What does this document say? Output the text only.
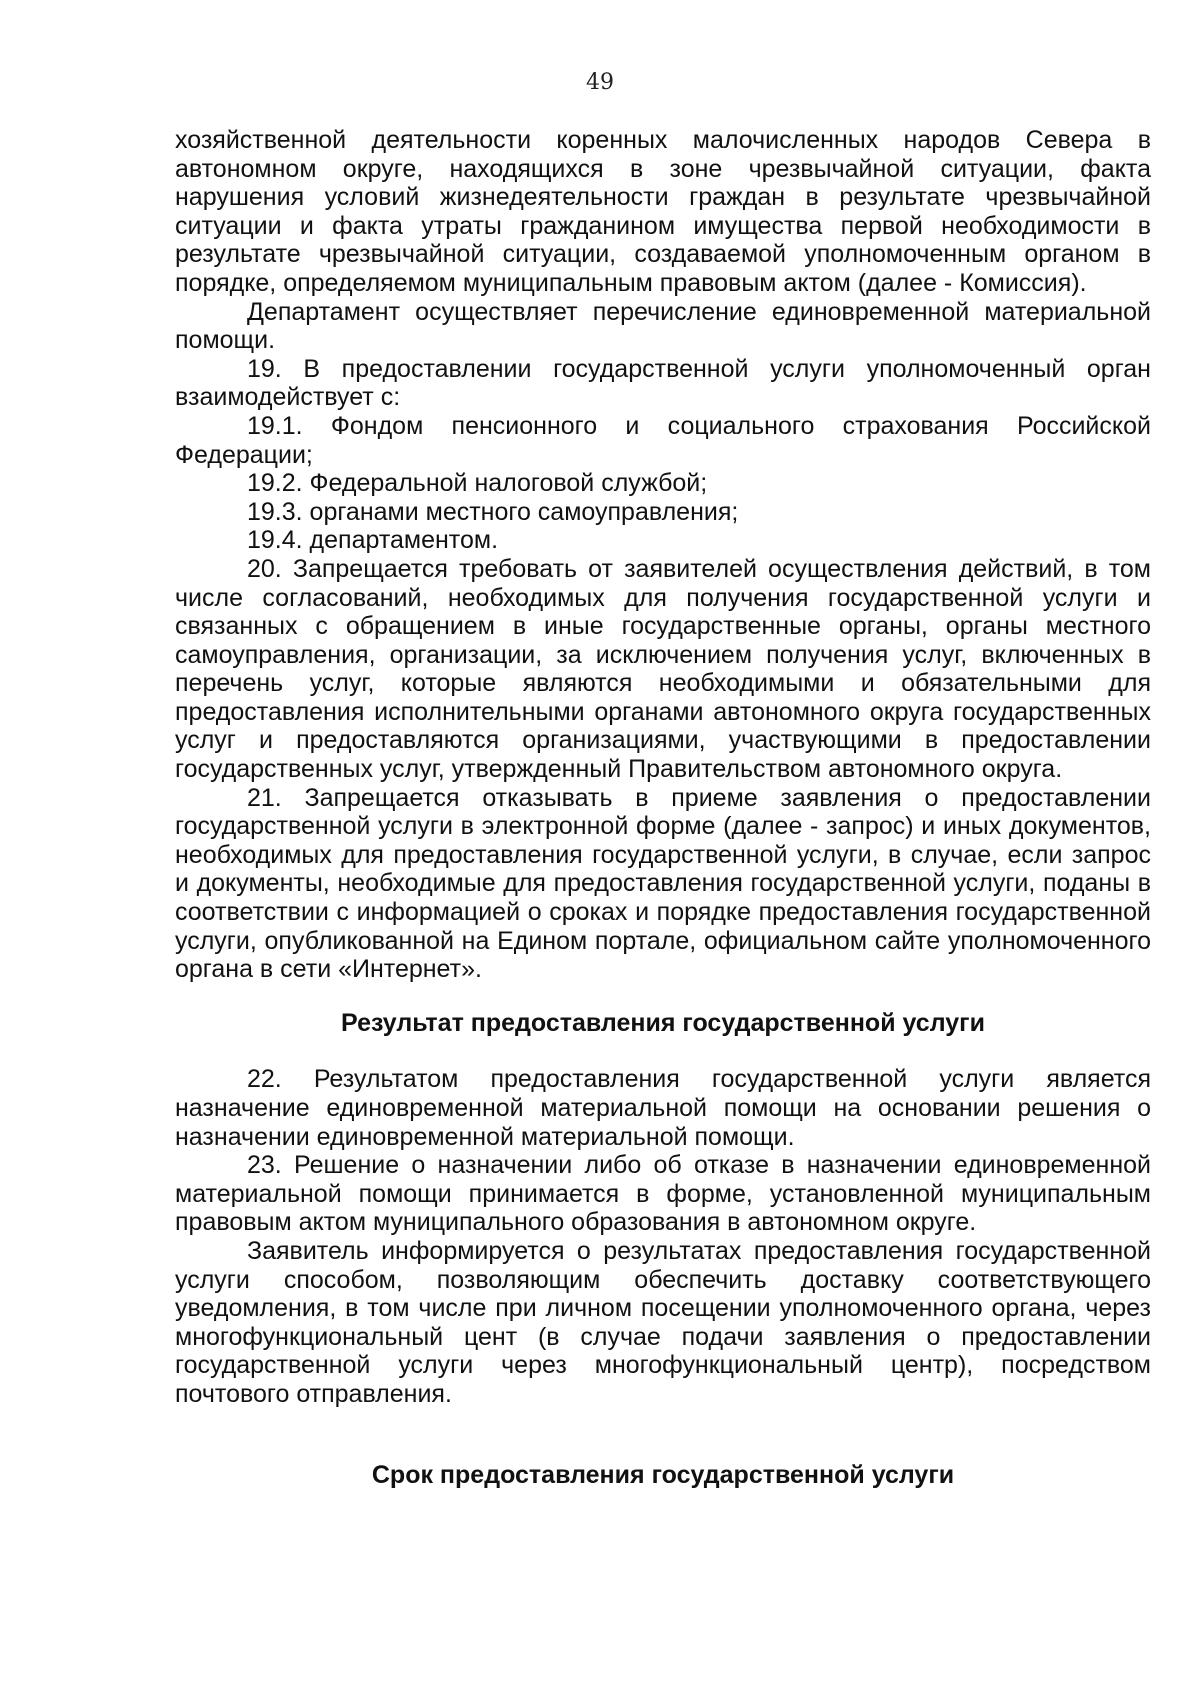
49

хозяйственной деятельности коренных малочисленных народов Севера в автономном округе, находящихся в зоне чрезвычайной ситуации, факта нарушения условий жизнедеятельности граждан в результате чрезвычайной ситуации и факта утраты гражданином имущества первой необходимости в результате чрезвычайной ситуации, создаваемой уполномоченным органом в порядке, определяемом муниципальным правовым актом (далее - Комиссия).

Департамент осуществляет перечисление единовременной материальной помощи.

19. В предоставлении государственной услуги уполномоченный орган взаимодействует с:

19.1. Фондом пенсионного и социального страхования Российской Федерации;

19.2. Федеральной налоговой службой;

19.3. органами местного самоуправления;

19.4. департаментом.

20. Запрещается требовать от заявителей осуществления действий, в том числе согласований, необходимых для получения государственной услуги и связанных с обращением в иные государственные органы, органы местного самоуправления, организации, за исключением получения услуг, включенных в перечень услуг, которые являются необходимыми и обязательными для предоставления исполнительными органами автономного округа государственных услуг и предоставляются организациями, участвующими в предоставлении государственных услуг, утвержденный Правительством автономного округа.

21. Запрещается отказывать в приеме заявления о предоставлении государственной услуги в электронной форме (далее - запрос) и иных документов, необходимых для предоставления государственной услуги, в случае, если запрос и документы, необходимые для предоставления государственной услуги, поданы в соответствии с информацией о сроках и порядке предоставления государственной услуги, опубликованной на Едином портале, официальном сайте уполномоченного органа в сети «Интернет».

Результат предоставления государственной услуги

22. Результатом предоставления государственной услуги является назначение единовременной материальной помощи на основании решения о назначении единовременной материальной помощи.

23. Решение о назначении либо об отказе в назначении единовременной материальной помощи принимается в форме, установленной муниципальным правовым актом муниципального образования в автономном округе.

Заявитель информируется о результатах предоставления государственной услуги способом, позволяющим обеспечить доставку соответствующего уведомления, в том числе при личном посещении уполномоченного органа, через многофункциональный цент (в случае подачи заявления о предоставлении государственной услуги через многофункциональный центр), посредством почтового отправления.

Срок предоставления государственной услуги
